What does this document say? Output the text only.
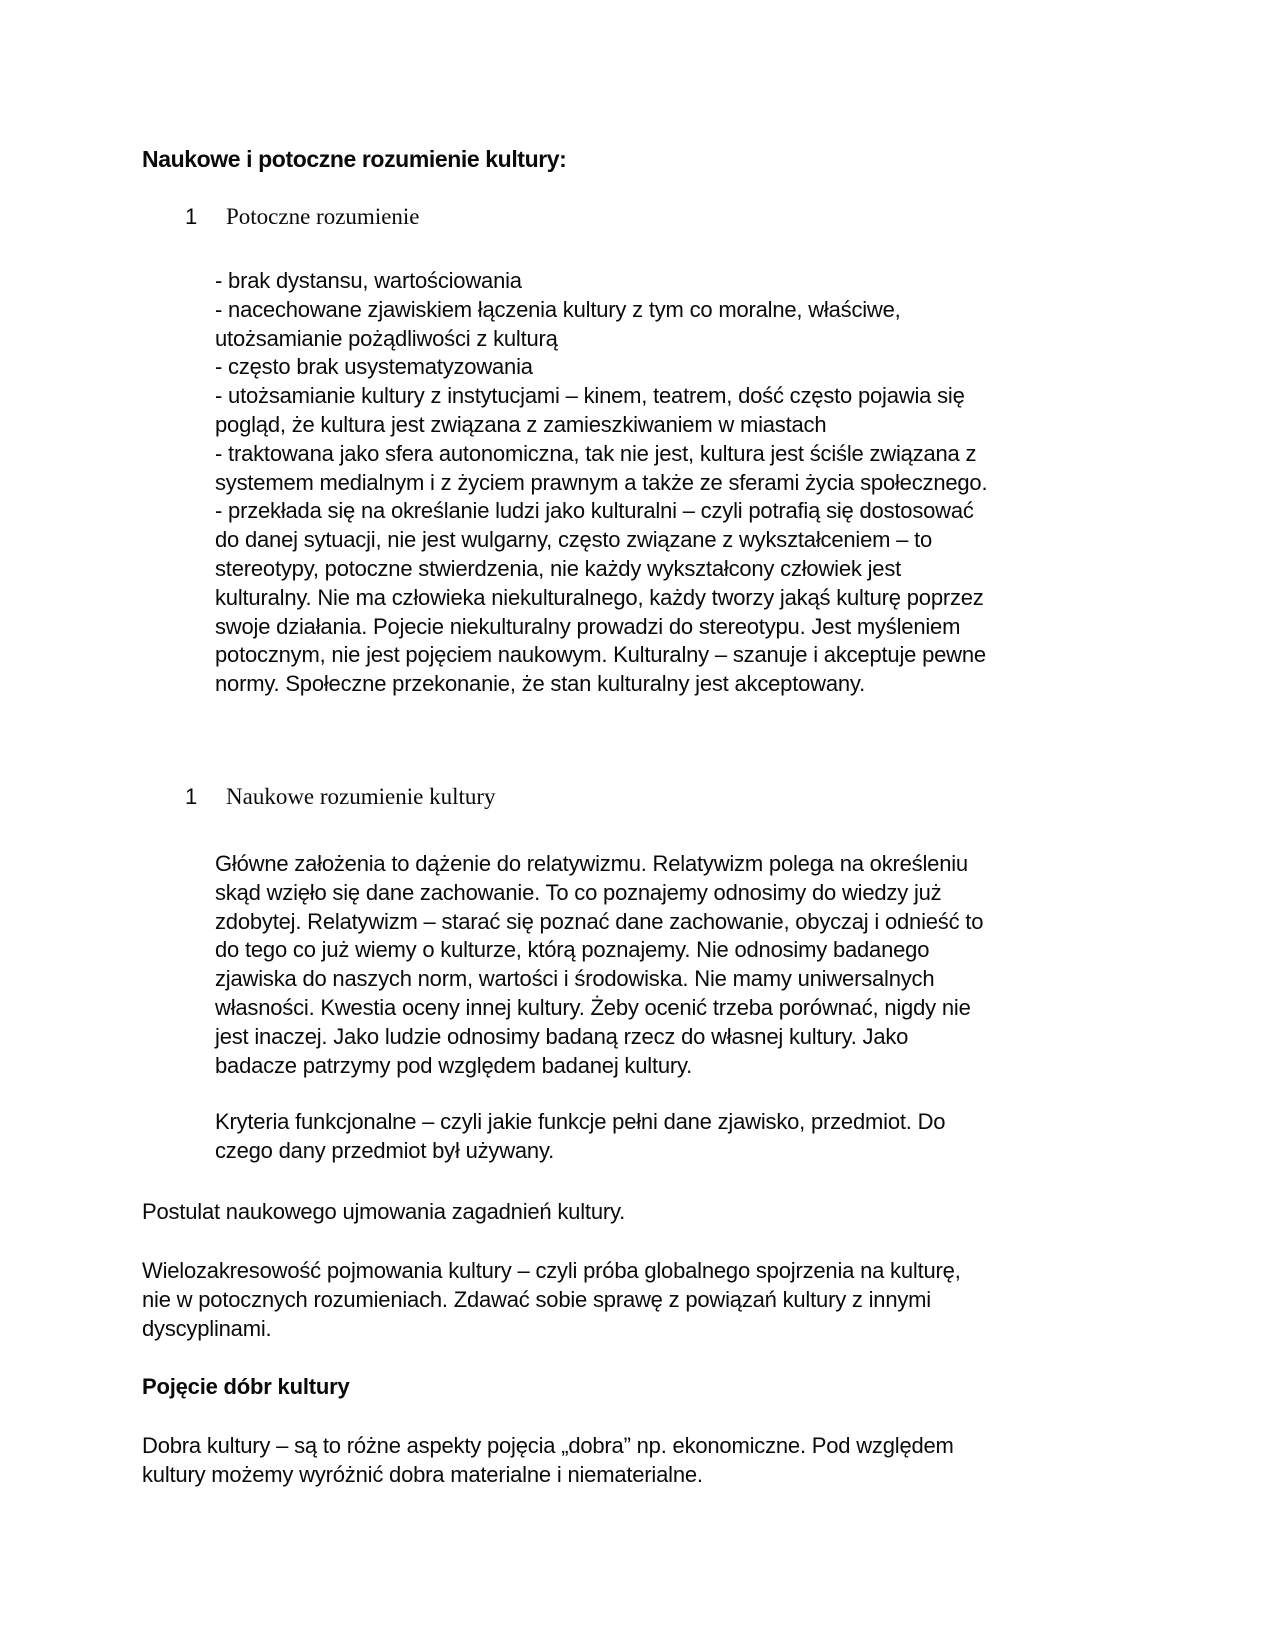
Naukowe i potoczne rozumienie kultury:
1 Potoczne rozumienie
- brak dystansu, wartościowania
- nacechowane zjawiskiem łączenia kultury z tym co moralne, właściwe,
utożsamianie pożądliwości z kulturą
- często brak usystematyzowania
- utożsamianie kultury z instytucjami – kinem, teatrem, dość często pojawia się
pogląd, że kultura jest związana z zamieszkiwaniem w miastach
- traktowana jako sfera autonomiczna, tak nie jest, kultura jest ściśle związana z
systemem medialnym i z życiem prawnym a także ze sferami życia społecznego.
- przekłada się na określanie ludzi jako kulturalni – czyli potrafią się dostosować
do danej sytuacji, nie jest wulgarny, często związane z wykształceniem – to
stereotypy, potoczne stwierdzenia, nie każdy wykształcony człowiek jest
kulturalny. Nie ma człowieka niekulturalnego, każdy tworzy jakąś kulturę poprzez
swoje działania. Pojecie niekulturalny prowadzi do stereotypu. Jest myśleniem
potocznym, nie jest pojęciem naukowym. Kulturalny – szanuje i akceptuje pewne
normy. Społeczne przekonanie, że stan kulturalny jest akceptowany.
1 Naukowe rozumienie kultury
Główne założenia to dążenie do relatywizmu. Relatywizm polega na określeniu
skąd wzięło się dane zachowanie. To co poznajemy odnosimy do wiedzy już
zdobytej. Relatywizm – starać się poznać dane zachowanie, obyczaj i odnieść to
do tego co już wiemy o kulturze, którą poznajemy. Nie odnosimy badanego
zjawiska do naszych norm, wartości i środowiska. Nie mamy uniwersalnych
własności. Kwestia oceny innej kultury. Żeby ocenić trzeba porównać, nigdy nie
jest inaczej. Jako ludzie odnosimy badaną rzecz do własnej kultury. Jako
badacze patrzymy pod względem badanej kultury.
Kryteria funkcjonalne – czyli jakie funkcje pełni dane zjawisko, przedmiot. Do
czego dany przedmiot był używany.
Postulat naukowego ujmowania zagadnień kultury.
Wielozakresowość pojmowania kultury – czyli próba globalnego spojrzenia na kulturę,
nie w potocznych rozumieniach. Zdawać sobie sprawę z powiązań kultury z innymi
dyscyplinami.
Pojęcie dóbr kultury
Dobra kultury – są to różne aspekty pojęcia „dobra” np. ekonomiczne. Pod względem
kultury możemy wyróżnić dobra materialne i niematerialne.
